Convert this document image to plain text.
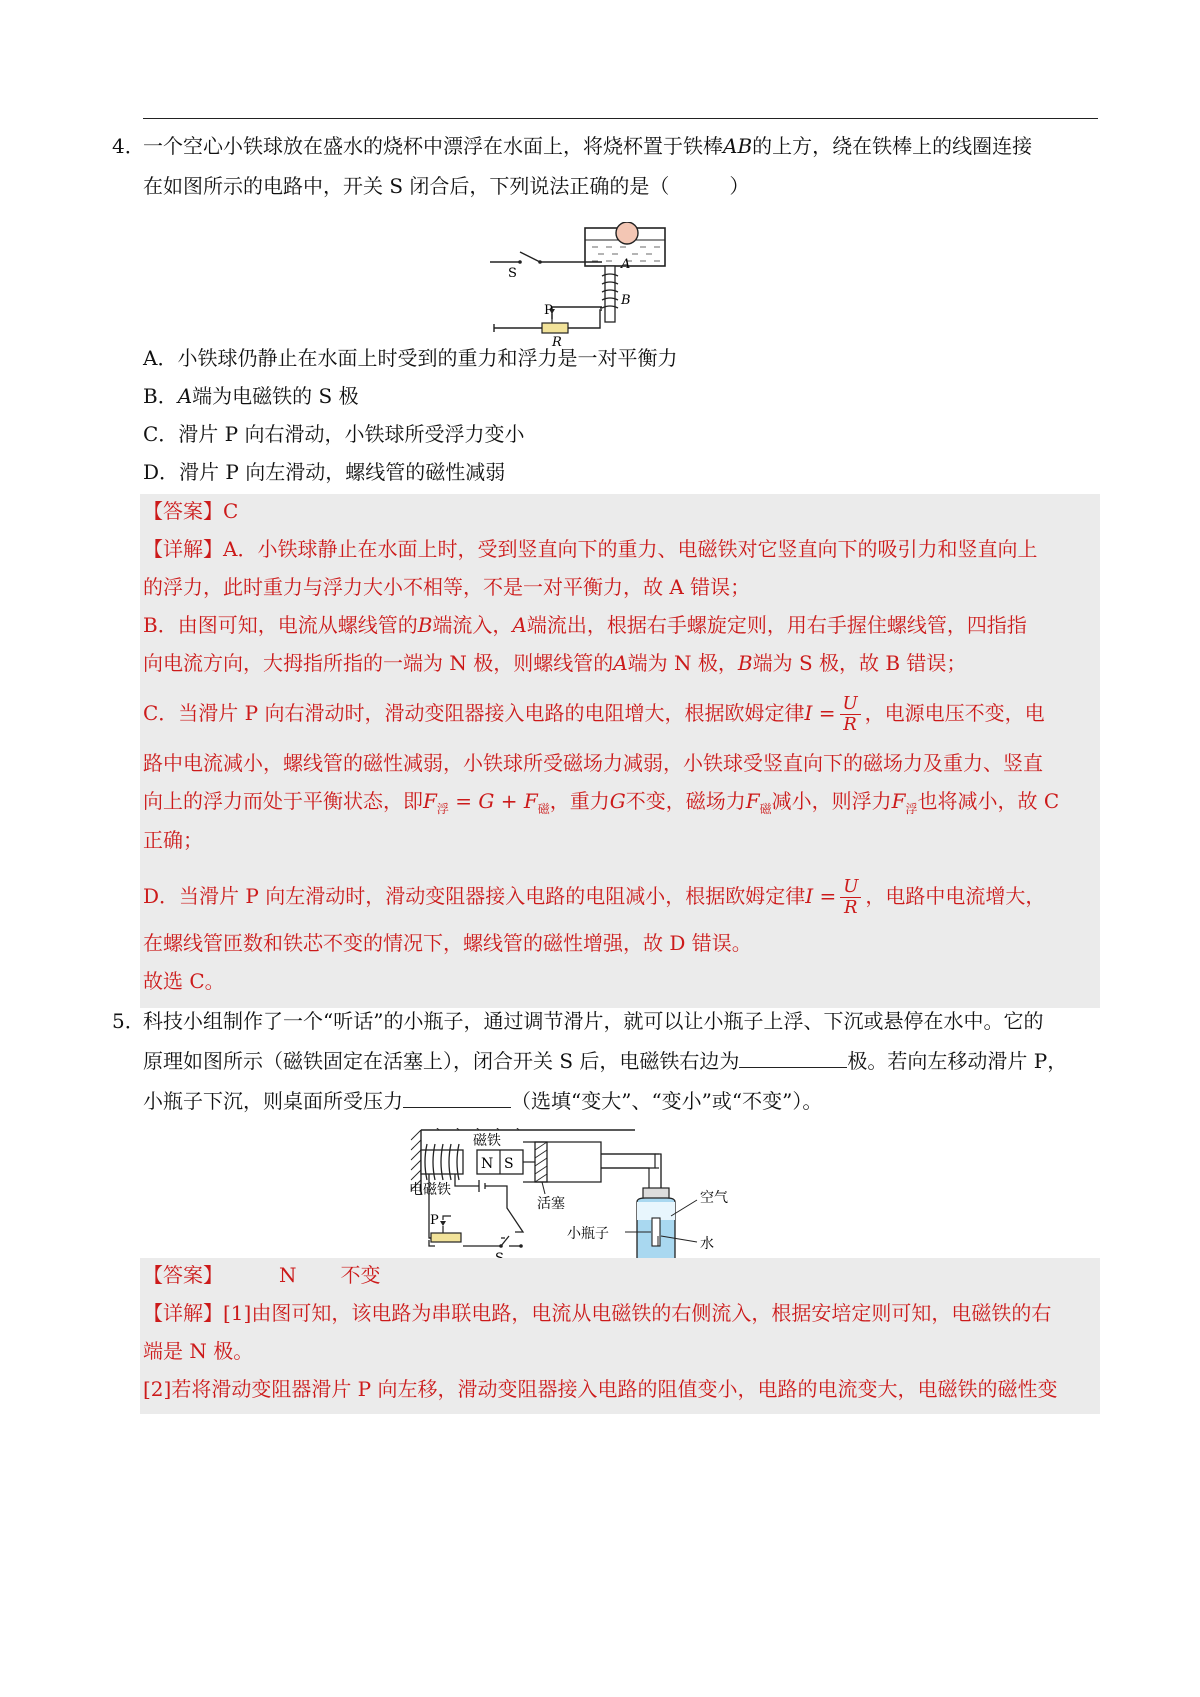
4．
一个空心小铁球放在盛水的烧杯中漂浮在水面上，将烧杯置于铁棒AB的上方，绕在铁棒上的线圈连接
在如图所示的电路中，开关 S 闭合后，下列说法正确的是（　　　）
A
B
S
P
R
A．小铁球仍静止在水面上时受到的重力和浮力是一对平衡力
B．A端为电磁铁的 S 极
C．滑片 P 向右滑动，小铁球所受浮力变小
D．滑片 P 向左滑动，螺线管的磁性减弱
【答案】C
【详解】A．小铁球静止在水面上时，受到竖直向下的重力、电磁铁对它竖直向下的吸引力和竖直向上
的浮力，此时重力与浮力大小不相等，不是一对平衡力，故 A 错误；
B．由图可知，电流从螺线管的B端流入，A端流出，根据右手螺旋定则，用右手握住螺线管，四指指
向电流方向，大拇指所指的一端为 N 极，则螺线管的A端为 N 极，B端为 S 极，故 B 错误；
C．当滑片 P 向右滑动时，滑动变阻器接入电路的电阻增大，根据欧姆定律$I = \frac{U}{R}$ ，电源电压不变，电
路中电流减小，螺线管的磁性减弱，小铁球所受磁场力减弱，小铁球受竖直向下的磁场力及重力、竖直
向上的浮力而处于平衡状态，即$F_浮 = G + F_磁$，重力G不变，磁场力$F_磁$减小，则浮力$F_浮$也将减小，故 C
正确；
D．当滑片 P 向左滑动时，滑动变阻器接入电路的电阻减小，根据欧姆定律$I = \frac{U}{R}$ ，电路中电流增大，
在螺线管匝数和铁芯不变的情况下，螺线管的磁性增强，故 D 错误。
故选 C。
5．
科技小组制作了一个“听话”的小瓶子，通过调节滑片，就可以让小瓶子上浮、下沉或悬停在水中。它的
原理如图所示（磁铁固定在活塞上），闭合开关 S 后，电磁铁右边为	极。若向左移动滑片 P，
小瓶子下沉，则桌面所受压力	（选填“变大”、“变小”或“不变”）。
电磁铁
N S
磁铁
活塞	空气
水
小瓶子
P
【答案】	N 不变
【详解】[1]由图可知，该电路为串联电路，电流从电磁铁的右侧流入，根据安培定则可知，电磁铁的右
端是 N 极。
[2]若将滑动变阻器滑片 P 向左移，滑动变阻器接入电路的阻值变小，电路的电流变大，电磁铁的磁性变
